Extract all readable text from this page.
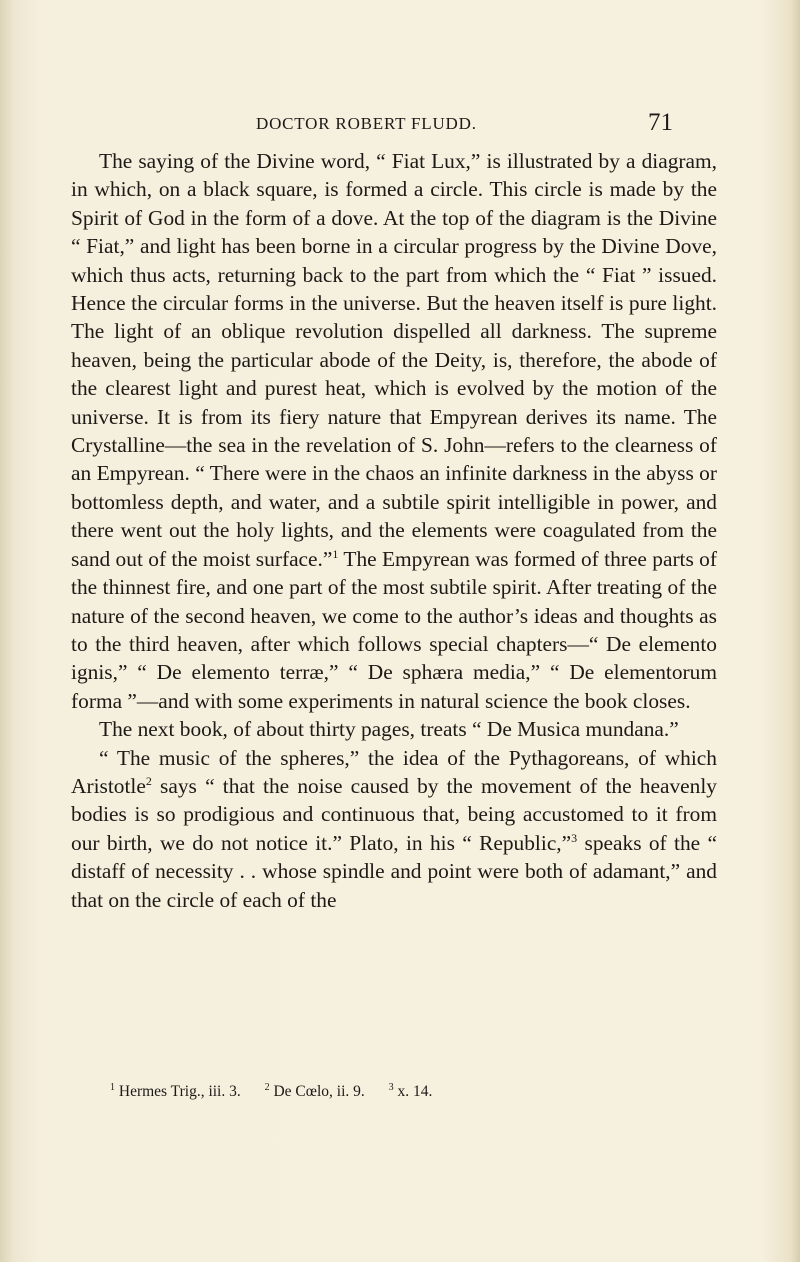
DOCTOR ROBERT FLUDD.	71

The saying of the Divine word, “ Fiat Lux,” is illustrated by a diagram, in which, on a black square, is formed a circle. This circle is made by the Spirit of God in the form of a dove. At the top of the diagram is the Divine “ Fiat,” and light has been borne in a circular progress by the Divine Dove, which thus acts, returning back to the part from which the “ Fiat ” issued. Hence the circular forms in the universe. But the heaven itself is pure light. The light of an oblique revolution dispelled all darkness. The supreme heaven, being the particular abode of the Deity, is, therefore, the abode of the clearest light and purest heat, which is evolved by the motion of the universe. It is from its fiery nature that Empyrean derives its name. The Crystalline—the sea in the revelation of S. John—refers to the clearness of an Empyrean. “ There were in the chaos an infinite darkness in the abyss or bottomless depth, and water, and a subtile spirit intelligible in power, and there went out the holy lights, and the elements were coagulated from the sand out of the moist surface.”$^1$ The Empyrean was formed of three parts of the thinnest fire, and one part of the most subtile spirit. After treating of the nature of the second heaven, we come to the author’s ideas and thoughts as to the third heaven, after which follows special chapters—“ De elemento ignis,” “ De elemento terræ,” “ De sphæra media,” “ De elementorum forma ”—and with some experiments in natural science the book closes.

The next book, of about thirty pages, treats “ De Musica mundana.”

“ The music of the spheres,” the idea of the Pythagoreans, of which Aristotle$^2$ says “ that the noise caused by the movement of the heavenly bodies is so prodigious and continuous that, being accustomed to it from our birth, we do not notice it.” Plato, in his “ Republic,”$^3$ speaks of the “ distaff of necessity . . whose spindle and point were both of adamant,” and that on the circle of each of the

$^1$ Hermes Trig., iii. 3. $^2$ De Cœlo, ii. 9. $^3$ x. 14.
